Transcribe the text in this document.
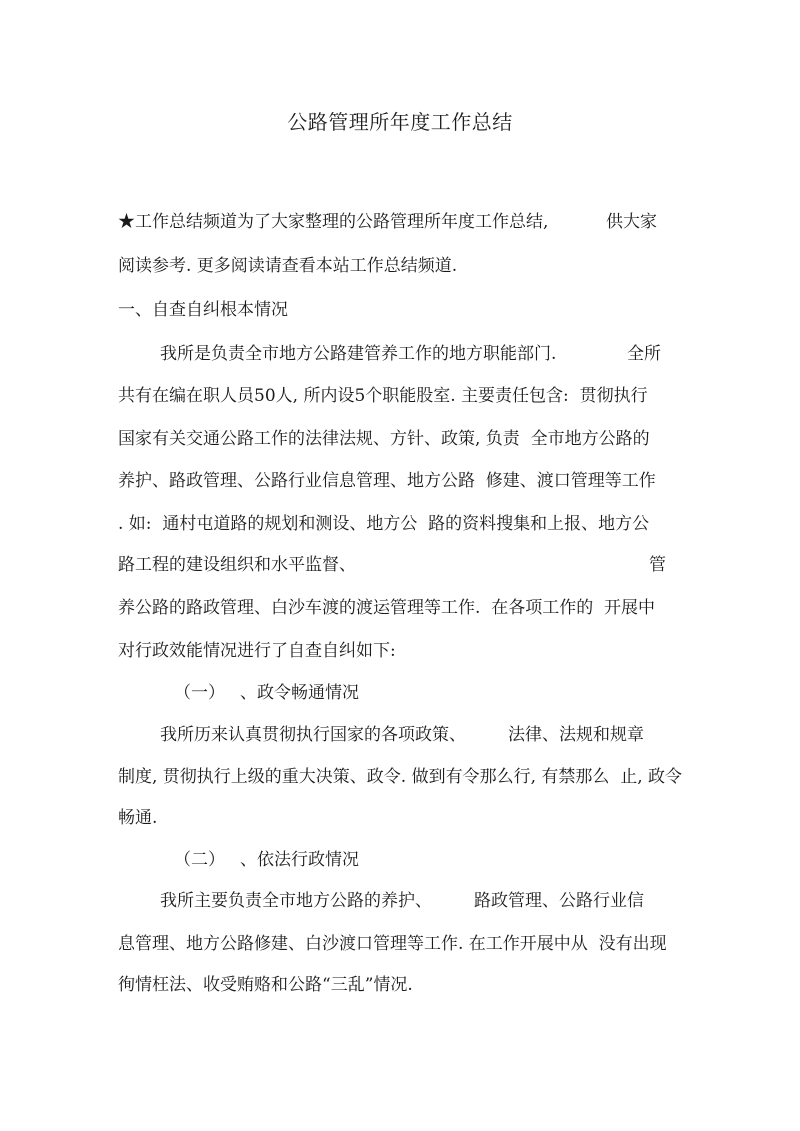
公路管理所年度工作总结
★工作总结频道为了大家整理的公路管理所年度工作总结,	供大家
阅读参考. 更多阅读请查看本站工作总结频道.
一、自查自纠根本情况
我所是负责全市地方公路建管养工作的地方职能部门.	全所
共有在编在职人员50人, 所内设5个职能股室. 主要责任包含:  贯彻执行
国家有关交通公路工作的法律法规、方针、政策, 负责  全市地方公路的
养护、路政管理、公路行业信息管理、地方公路  修建、渡口管理等工作
. 如:  通村屯道路的规划和测设、地方公  路的资料搜集和上报、地方公
路工程的建设组织和水平监督、	管
养公路的路政管理、白沙车渡的渡运管理等工作.  在各项工作的  开展中
对行政效能情况进行了自查自纠如下:
（一） 、政令畅通情况
我所历来认真贯彻执行国家的各项政策、 法律、法规和规章
制度, 贯彻执行上级的重大决策、政令. 做到有令那么行, 有禁那么  止, 政令
畅通.
（二） 、依法行政情况
我所主要负责全市地方公路的养护、 路政管理、公路行业信
息管理、地方公路修建、白沙渡口管理等工作. 在工作开展中从  没有出现
徇情枉法、收受贿赂和公路“三乱”情况.
